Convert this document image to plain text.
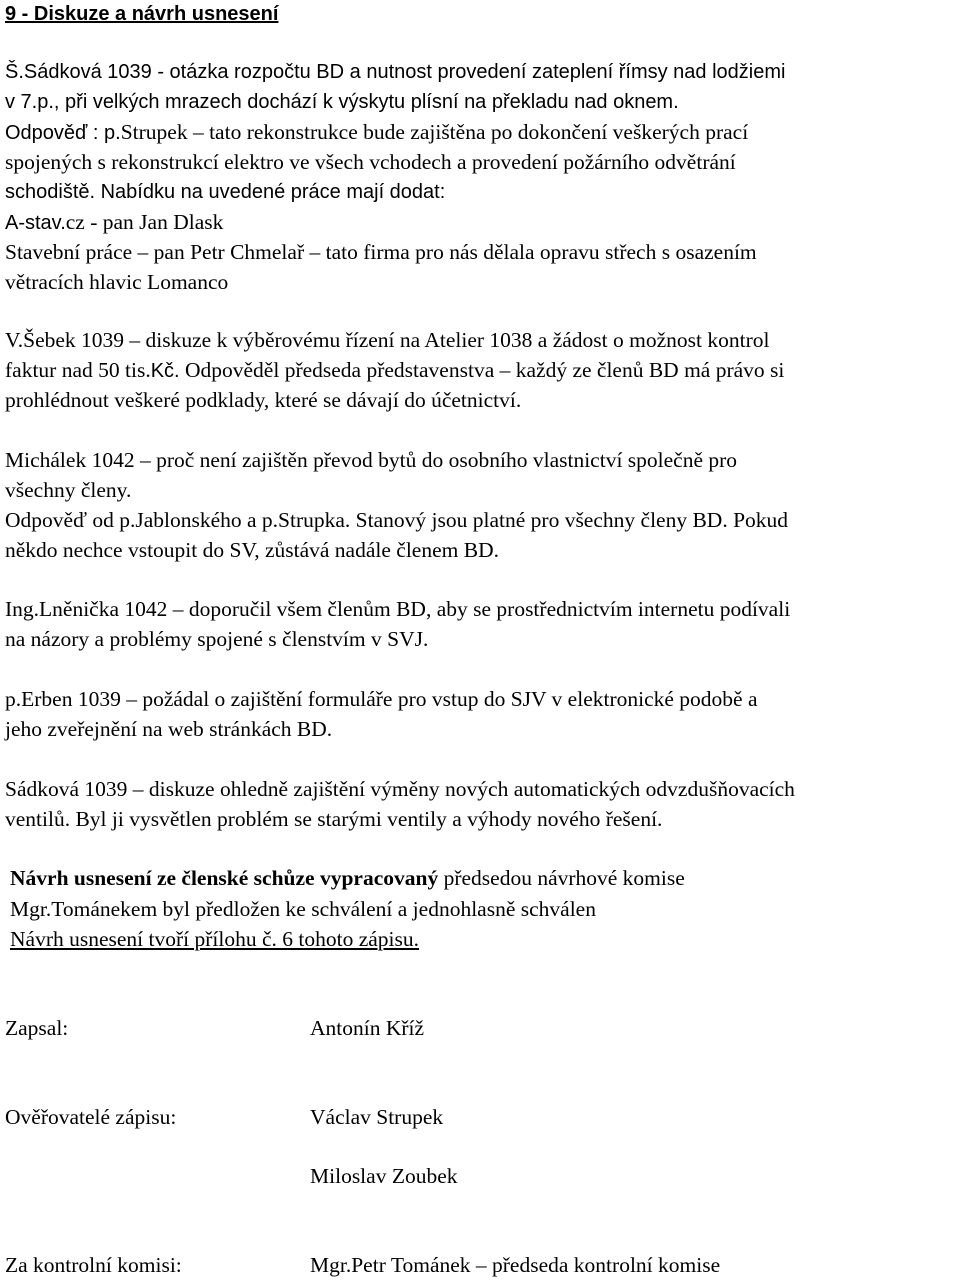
9 - Diskuze a návrh usnesení
Š.Sádková 1039 - otázka rozpočtu BD a nutnost provedení zateplení římsy nad lodžiemi
v 7.p., při velkých mrazech dochází k výskytu plísní na překladu nad oknem.
Odpověď : p.Strupek – tato rekonstrukce bude zajištěna po dokončení veškerých prací
spojených s rekonstrukcí elektro ve všech vchodech a provedení požárního odvětrání
schodiště. Nabídku na uvedené práce mají dodat:
A-stav.cz - pan Jan Dlask
Stavební práce – pan Petr Chmelař – tato firma pro nás dělala opravu střech s osazením
větracích hlavic Lomanco
V.Šebek 1039 – diskuze k výběrovému řízení na Atelier 1038 a žádost o možnost kontrol
faktur nad 50 tis.Kč. Odpověděl předseda představenstva – každý ze členů BD má právo si
prohlédnout veškeré podklady, které se dávají do účetnictví.
Michálek 1042 – proč není zajištěn převod bytů do osobního vlastnictví společně pro
všechny členy.
Odpověď od p.Jablonského a p.Strupka. Stanový jsou platné pro všechny členy BD. Pokud
někdo nechce vstoupit do SV, zůstává nadále členem BD.
Ing.Lněnička 1042 – doporučil všem členům BD, aby se prostřednictvím internetu podívali
na názory a problémy spojené s členstvím v SVJ.
p.Erben 1039 – požádal o zajištění formuláře pro vstup do SJV v elektronické podobě a
jeho zveřejnění na web stránkách BD.
Sádková 1039 – diskuze ohledně zajištění výměny nových automatických odvzdušňovacích
ventilů. Byl ji vysvětlen problém se starými ventily a výhody nového řešení.
Návrh usnesení ze členské schůze vypracovaný předsedou návrhové komise
Mgr.Tománekem byl předložen ke schválení a jednohlasně schválen
Návrh usnesení tvoří přílohu č. 6 tohoto zápisu.
Zapsal:	Antonín Kříž
Ověřovatelé zápisu:	Václav Strupek
Miloslav Zoubek
Za kontrolní komisi:	Mgr.Petr Tománek – předseda kontrolní komise
